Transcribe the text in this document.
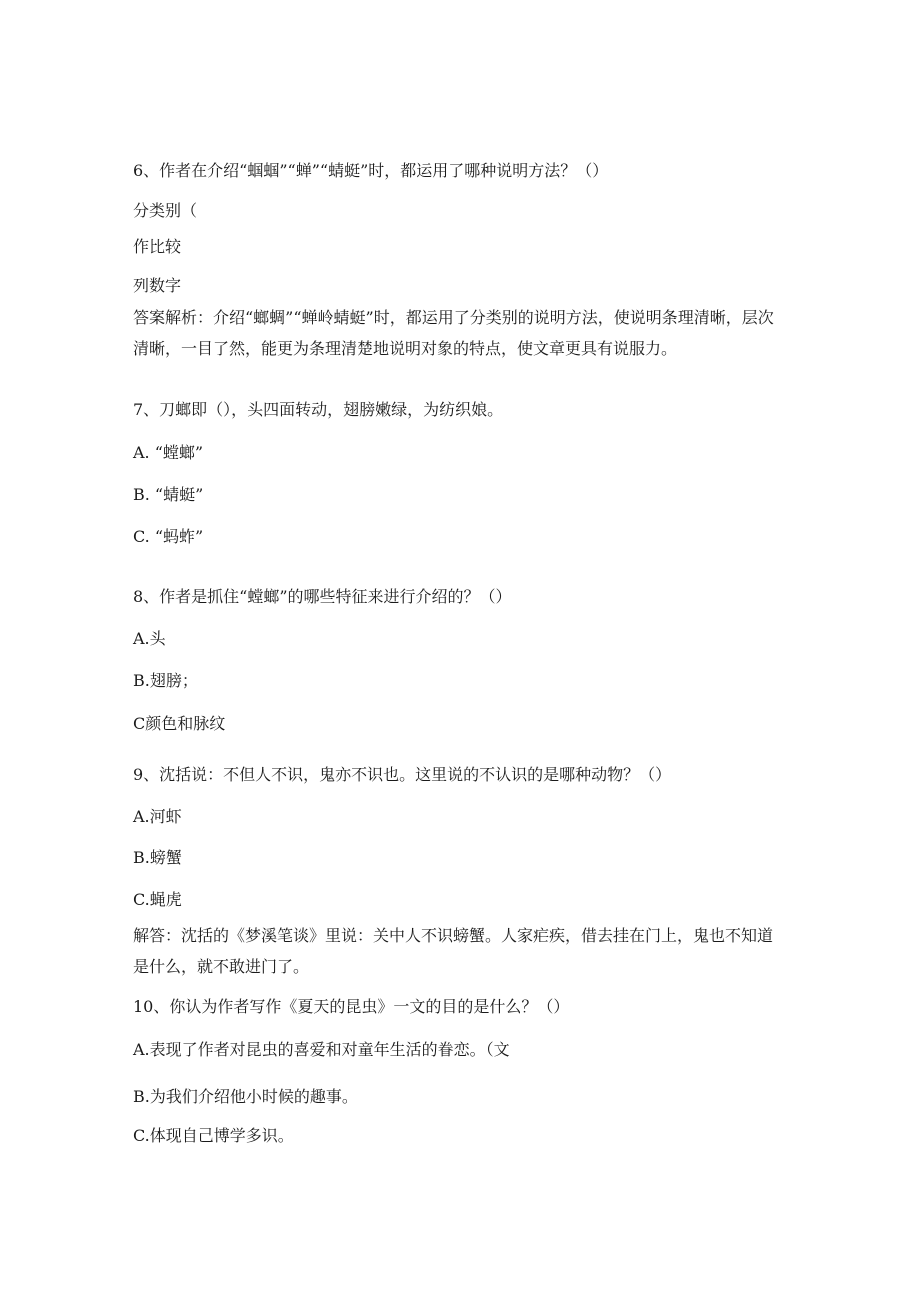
6、作者在介绍“蝈蝈”“蝉”“蜻蜓”时，都运用了哪种说明方法？（）
分类别（
作比较
列数字
答案解析：介绍“螂蜩”“蝉岭蜻蜓”时，都运用了分类别的说明方法，使说明条理清晰，层次清晰，一目了然，能更为条理清楚地说明对象的特点，使文章更具有说服力。
7、刀螂即（），头四面转动，翅膀嫩绿，为纺织娘。
A. “螳螂”
B. “蜻蜓”
C. “蚂蚱”
8、作者是抓住“螳螂”的哪些特征来进行介绍的？（）
A.头
B.翅膀；
C颜色和脉纹
9、沈括说：不但人不识，鬼亦不识也。这里说的不认识的是哪种动物？（）
A.河虾
B.螃蟹
C.蝇虎
解答：沈括的《梦溪笔谈》里说：关中人不识螃蟹。人家疟疾，借去挂在门上，鬼也不知道是什么，就不敢进门了。
10、你认为作者写作《夏天的昆虫》一文的目的是什么？（）
A.表现了作者对昆虫的喜爱和对童年生活的眷恋。（文
B.为我们介绍他小时候的趣事。
C.体现自己博学多识。
